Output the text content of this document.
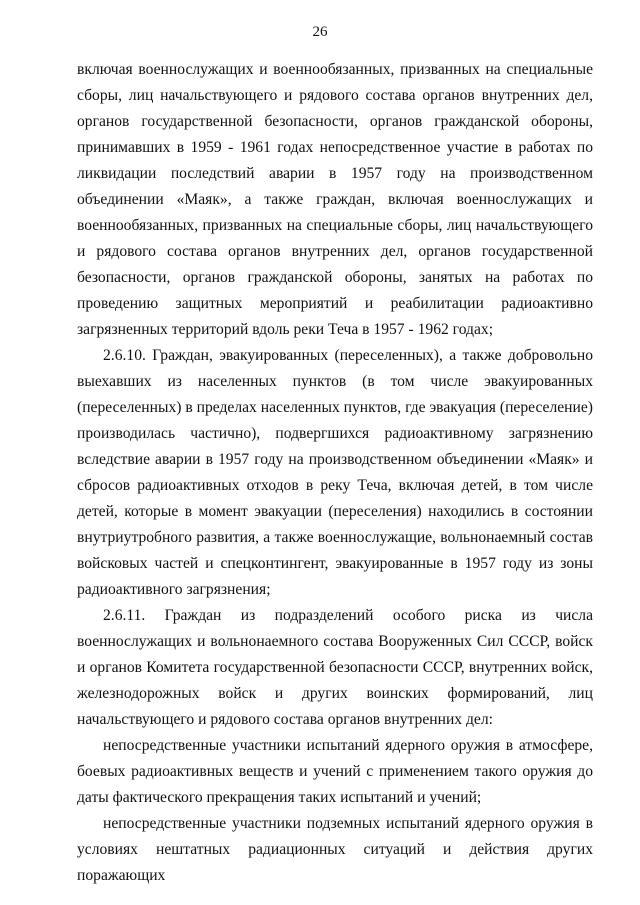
26

включая военнослужащих и военнообязанных, призванных на специальные сборы, лиц начальствующего и рядового состава органов внутренних дел, органов государственной безопасности, органов гражданской обороны, принимавших в 1959 - 1961 годах непосредственное участие в работах по ликвидации последствий аварии в 1957 году на производственном объединении «Маяк», а также граждан, включая военнослужащих и военнообязанных, призванных на специальные сборы, лиц начальствующего и рядового состава органов внутренних дел, органов государственной безопасности, органов гражданской обороны, занятых на работах по проведению защитных мероприятий и реабилитации радиоактивно загрязненных территорий вдоль реки Теча в 1957 - 1962 годах;

2.6.10. Граждан, эвакуированных (переселенных), а также добровольно выехавших из населенных пунктов (в том числе эвакуированных (переселенных) в пределах населенных пунктов, где эвакуация (переселение) производилась частично), подвергшихся радиоактивному загрязнению вследствие аварии в 1957 году на производственном объединении «Маяк» и сбросов радиоактивных отходов в реку Теча, включая детей, в том числе детей, которые в момент эвакуации (переселения) находились в состоянии внутриутробного развития, а также военнослужащие, вольнонаемный состав войсковых частей и спецконтингент, эвакуированные в 1957 году из зоны радиоактивного загрязнения;

2.6.11. Граждан из подразделений особого риска из числа военнослужащих и вольнонаемного состава Вооруженных Сил СССР, войск и органов Комитета государственной безопасности СССР, внутренних войск, железнодорожных войск и других воинских формирований, лиц начальствующего и рядового состава органов внутренних дел:

непосредственные участники испытаний ядерного оружия в атмосфере, боевых радиоактивных веществ и учений с применением такого оружия до даты фактического прекращения таких испытаний и учений;

непосредственные участники подземных испытаний ядерного оружия в условиях нештатных радиационных ситуаций и действия других поражающих
